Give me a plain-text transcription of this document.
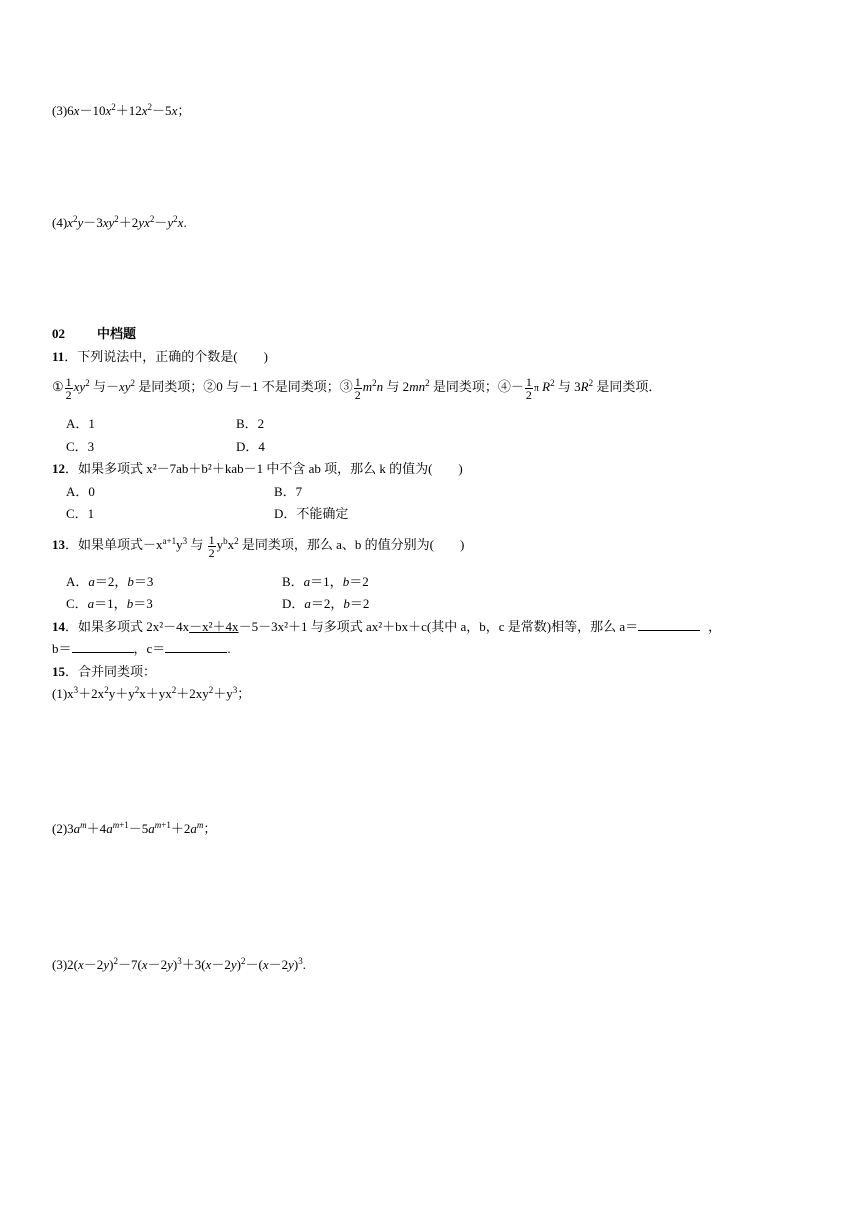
$(3)6x-10x^2+12x^2-5x$；
$(4)x^2y-3xy^2+2yx^2-y^2x$.
02 中档题
11．下列说法中，正确的个数是(　　)
① $\frac{1}{2} xy^2$ 与$-xy^2$ 是同类项；②0 与－1 不是同类项；③ $\frac{1}{2} m^2n$ 与 $2mn^2$ 是同类项；④－ $\frac{1}{2}$ π $R^2$ 与 $3R^2$ 是同类项．
A．1	B．2
C．3	D．4
12．如果多项式 x²－7ab＋b²＋kab－1 中不含 ab 项，那么 k 的值为(　　)
A．0	B．7
C．1	D．不能确定
13．如果单项式$-x^{a+1}y^3$ 与 $\frac{1}{2} y^bx^2$ 是同类项，那么 a、b 的值分别为(　　)
A．a＝2，b＝3	B．a＝1，b＝2
C．a＝1，b＝3	D．a＝2，b＝2
14．如果多项式 2x²－4x－x²＋4x－5－3x²＋1 与多项式 ax²＋bx＋c(其中 a，b，c 是常数)相等，那么 a＝	，
b＝	，c＝	.
15．合并同类项：
$(1)x^3+2x^2y+y^2x+yx^2+2xy^2+y^3$；
$(2)3a^m+4a^{m+1}-5a^{m+1}+2a^m$；
$(3)2(x-2y)^2-7(x-2y)^3+3(x-2y)^2-(x-2y)^3$.
